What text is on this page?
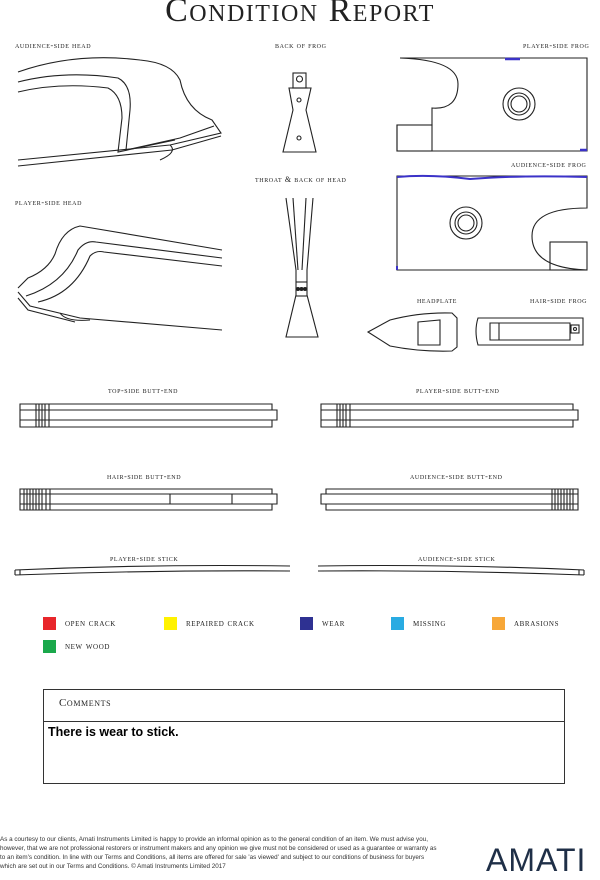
Condition Report
audience-side head	back of frog	player-side frog
throat & back of head
audience-side frog
player-side head
headplate	hair-side frog
top-side butt-end	player-side butt-end
hair-side butt-end	audience-side butt-end
player-side stick	audience-side stick
open crack	repaired crack	wear	missing	abrasions
new wood
Comments
There is wear to stick.
As a courtesy to our clients, Amati Instruments Limited is happy to provide an informal opinion as to the general condition of an item. We must advise you, however, that we are not professional restorers or instrument makers and any opinion we give must not be considered or used as a guarantee or warranty as to an item's condition. In line with our Terms and Conditions, all items are offered for sale 'as viewed' and subject to our conditions of business for buyers which are set out in our Terms and Conditions. © Amati Instruments Limited 2017	AMATI
